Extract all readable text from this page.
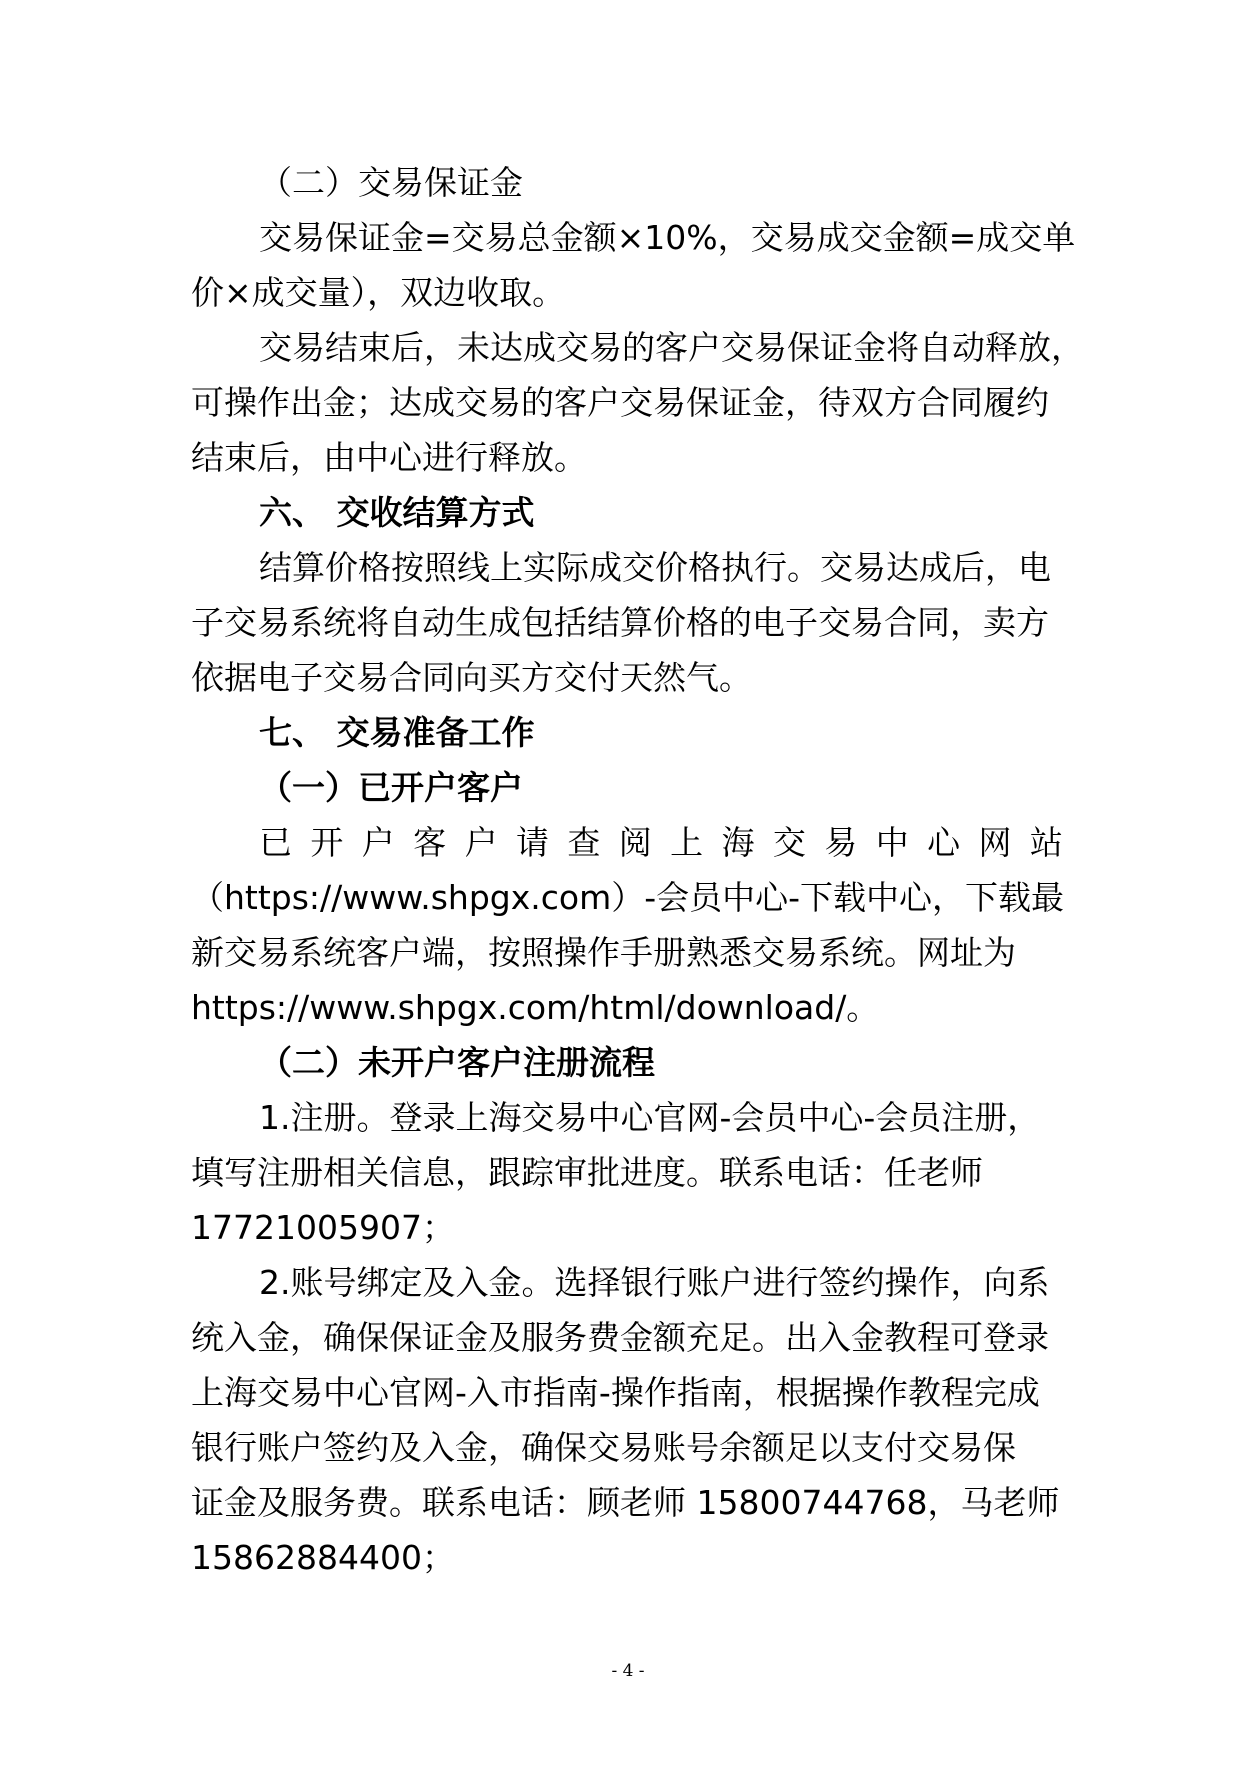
（二）交易保证金
交易保证金=交易总金额×10%，交易成交金额=成交单
价×成交量），双边收取。
交易结束后，未达成交易的客户交易保证金将自动释放，
可操作出金；达成交易的客户交易保证金，待双方合同履约
结束后，由中心进行释放。
六、 交收结算方式
结算价格按照线上实际成交价格执行。交易达成后，电
子交易系统将自动生成包括结算价格的电子交易合同，卖方
依据电子交易合同向买方交付天然气。
七、 交易准备工作
（一）已开户客户
已 开 户 客 户 请 查 阅 上 海 交 易 中 心 网 站
（https://www.shpgx.com）-会员中心-下载中心，下载最
新交易系统客户端，按照操作手册熟悉交易系统。网址为
https://www.shpgx.com/html/download/。
（二）未开户客户注册流程
1.注册。登录上海交易中心官网-会员中心-会员注册，
填写注册相关信息，跟踪审批进度。联系电话：任老师
17721005907；
2.账号绑定及入金。选择银行账户进行签约操作，向系
统入金，确保保证金及服务费金额充足。出入金教程可登录
上海交易中心官网-入市指南-操作指南，根据操作教程完成
银行账户签约及入金，确保交易账号余额足以支付交易保
证金及服务费。联系电话：顾老师 15800744768，马老师
15862884400；
- 4 -
